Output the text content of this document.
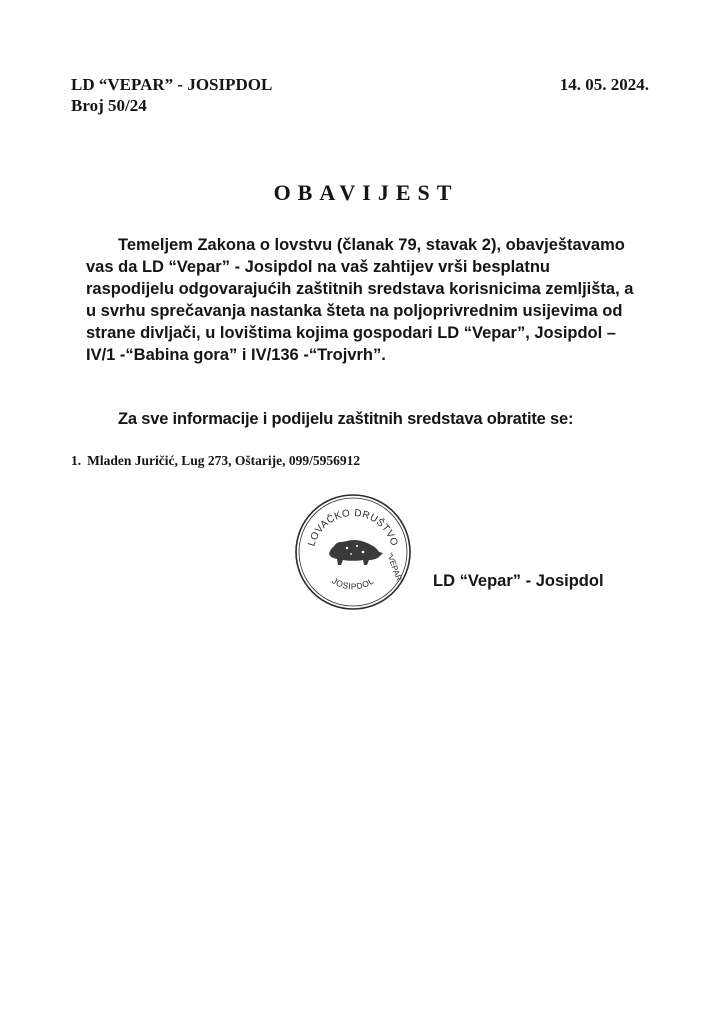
LD “VEPAR” - JOSIPDOL
Broj 50/24
14. 05. 2024.
OBAVIJEST
Temeljem Zakona o lovstvu (članak 79, stavak 2), obavještavamo
vas da LD “Vepar” - Josipdol na vaš zahtijev vrši besplatnu
raspodijelu odgovarajućih zaštitnih sredstava korisnicima zemljišta, a
u svrhu sprečavanja nastanka šteta na poljoprivrednim usijevima od
strane divljači, u lovištima kojima gospodari LD “Vepar”, Josipdol –
IV/1 -“Babina gora” i IV/136 -“Trojvrh”.
Za sve informacije i podijelu zaštitnih sredstava obratite se:
1. Mladen Juričić, Lug 273, Oštarije, 099/5956912
LOVAČKO DRUŠTVO
“VEPAR”
JOSIPDOL	LD “Vepar” - Josipdol
